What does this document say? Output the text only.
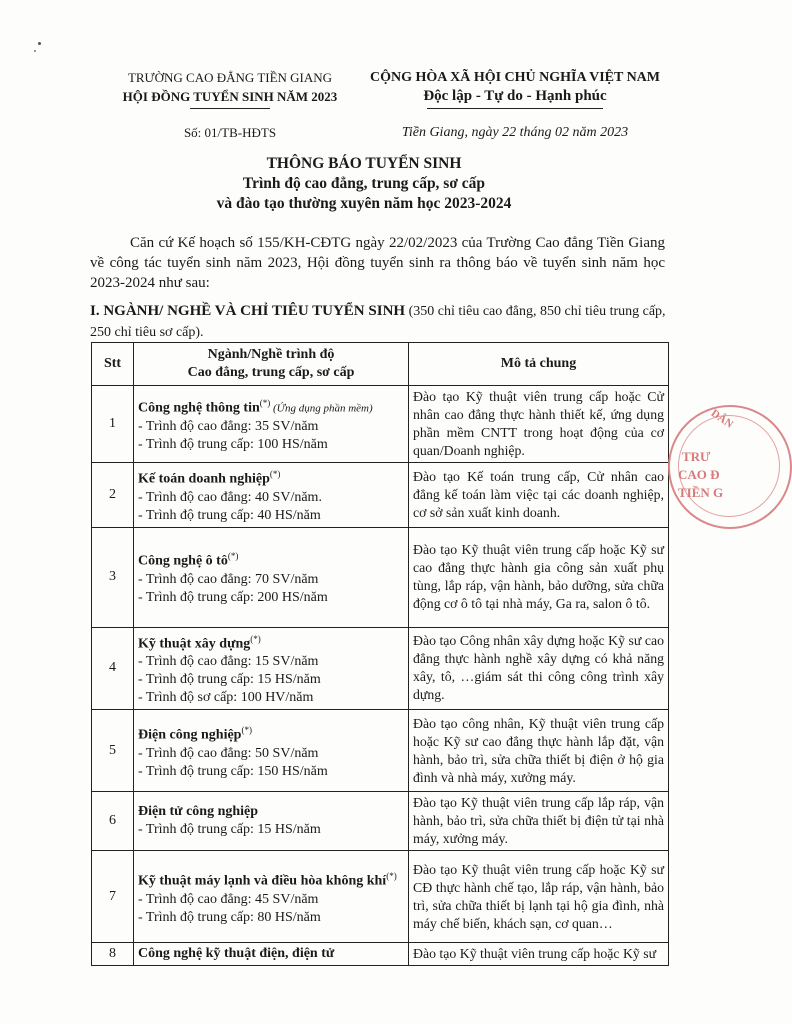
TRƯỜNG CAO ĐẲNG TIỀN GIANG
HỘI ĐỒNG TUYỂN SINH NĂM 2023
Số: 01/TB-HĐTS
CỘNG HÒA XÃ HỘI CHỦ NGHĨA VIỆT NAM
Độc lập - Tự do - Hạnh phúc
Tiền Giang, ngày 22 tháng 02 năm 2023
THÔNG BÁO TUYỂN SINH
Trình độ cao đẳng, trung cấp, sơ cấp
và đào tạo thường xuyên năm học 2023-2024
Căn cứ Kế hoạch số 155/KH-CĐTG ngày 22/02/2023 của Trường Cao đẳng Tiền Giang về công tác tuyển sinh năm 2023, Hội đồng tuyển sinh ra thông báo về tuyển sinh năm học 2023-2024 như sau:
I. NGÀNH/ NGHỀ VÀ CHỈ TIÊU TUYỂN SINH (350 chỉ tiêu cao đẳng, 850 chỉ tiêu trung cấp, 250 chỉ tiêu sơ cấp).
Stt	Ngành/Nghề trình độ
Cao đẳng, trung cấp, sơ cấp	Mô tả chung
1	Công nghệ thông tin(*) (Ứng dụng phần mềm)
- Trình độ cao đẳng: 35 SV/năm
- Trình độ trung cấp: 100 HS/năm	Đào tạo Kỹ thuật viên trung cấp hoặc Cử nhân cao đẳng thực hành thiết kế, ứng dụng phần mềm CNTT trong hoạt động của cơ quan/Doanh nghiệp.
2	Kế toán doanh nghiệp(*)
- Trình độ cao đẳng: 40 SV/năm.
- Trình độ trung cấp: 40 HS/năm	Đào tạo Kế toán trung cấp, Cử nhân cao đẳng kế toán làm việc tại các doanh nghiệp, cơ sở sản xuất kinh doanh.
3	Công nghệ ô tô(*)
- Trình độ cao đẳng: 70 SV/năm
- Trình độ trung cấp: 200 HS/năm	Đào tạo Kỹ thuật viên trung cấp hoặc Kỹ sư cao đẳng thực hành gia công sản xuất phụ tùng, lắp ráp, vận hành, bảo dưỡng, sửa chữa động cơ ô tô tại nhà máy, Ga ra, salon ô tô.
4	Kỹ thuật xây dựng(*)
- Trình độ cao đẳng: 15 SV/năm
- Trình độ trung cấp: 15 HS/năm
- Trình độ sơ cấp: 100 HV/năm	Đào tạo Công nhân xây dựng hoặc Kỹ sư cao đẳng thực hành nghề xây dựng có khả năng xây, tô, …giám sát thi công công trình xây dựng.
5	Điện công nghiệp(*)
- Trình độ cao đẳng: 50 SV/năm
- Trình độ trung cấp: 150 HS/năm	Đào tạo công nhân, Kỹ thuật viên trung cấp hoặc Kỹ sư cao đẳng thực hành lắp đặt, vận hành, bảo trì, sửa chữa thiết bị điện ở hộ gia đình và nhà máy, xưởng máy.
6	Điện tử công nghiệp
- Trình độ trung cấp: 15 HS/năm	Đào tạo Kỹ thuật viên trung cấp lắp ráp, vận hành, bảo trì, sửa chữa thiết bị điện tử tại nhà máy, xưởng máy.
7	Kỹ thuật máy lạnh và điều hòa không khí(*)
- Trình độ cao đẳng: 45 SV/năm
- Trình độ trung cấp: 80 HS/năm	Đào tạo Kỹ thuật viên trung cấp hoặc Kỹ sư CĐ thực hành chế tạo, lắp ráp, vận hành, bảo trì, sửa chữa thiết bị lạnh tại hộ gia đình, nhà máy chế biến, khách sạn, cơ quan…
8	Công nghệ kỹ thuật điện, điện tử	Đào tạo Kỹ thuật viên trung cấp hoặc Kỹ sư
DÂN
TRƯ
CAO Đ
TIỀN G
